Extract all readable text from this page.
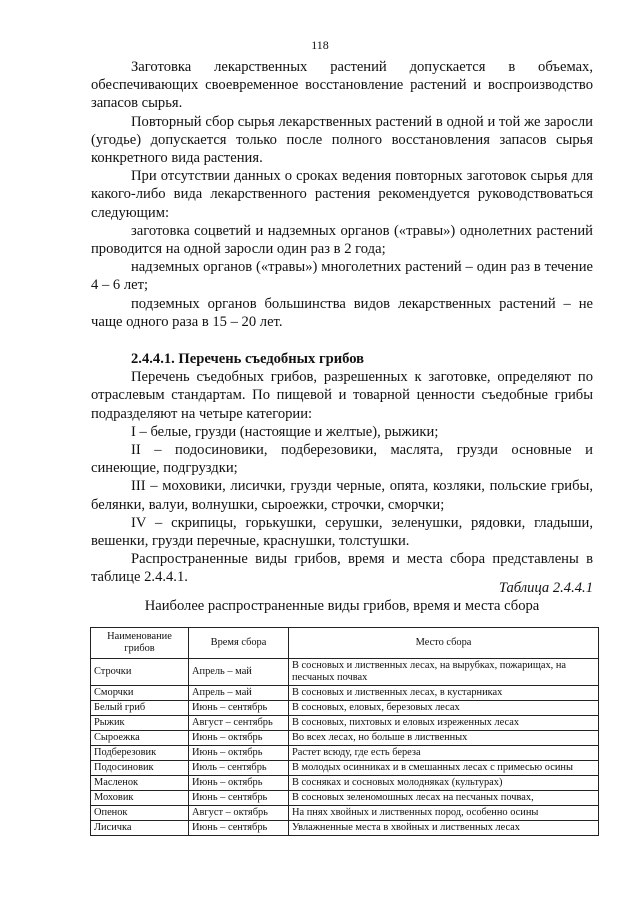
118

Заготовка лекарственных растений допускается в объемах, обеспечивающих своевременное восстановление растений и воспроизводство запасов сырья.

Повторный сбор сырья лекарственных растений в одной и той же заросли (угодье) допускается только после полного восстановления запасов сырья конкретного вида растения.

При отсутствии данных о сроках ведения повторных заготовок сырья для какого-либо вида лекарственного растения рекомендуется руководствоваться следующим:

заготовка соцветий и надземных органов («травы») однолетних растений проводится на одной заросли один раз в 2 года;

надземных органов («травы») многолетних растений – один раз в течение 4 – 6 лет;

подземных органов большинства видов лекарственных растений – не чаще одного раза в 15 – 20 лет.

2.4.4.1. Перечень съедобных грибов

Перечень съедобных грибов, разрешенных к заготовке, определяют по отраслевым стандартам. По пищевой и товарной ценности съедобные грибы подразделяют на четыре категории:

I – белые, грузди (настоящие и желтые), рыжики;

II – подосиновики, подберезовики, маслята, грузди основные и синеющие, подгруздки;

III – моховики, лисички, грузди черные, опята, козляки, польские грибы, белянки, валуи, волнушки, сыроежки, строчки, сморчки;

IV – скрипицы, горькушки, серушки, зеленушки, рядовки, гладыши, вешенки, грузди перечные, краснушки, толстушки.

Распространенные виды грибов, время и места сбора представлены в таблице 2.4.4.1.

Таблица 2.4.4.1
Наиболее распространенные виды грибов, время и места сбора
Наименование грибов	Время сбора	Место сбора
Строчки	Апрель – май	В сосновых и лиственных лесах, на вырубках, пожарищах, на песчаных почвах
Сморчки	Апрель – май	В сосновых и лиственных лесах, в кустарниках
Белый гриб	Июнь – сентябрь	В сосновых, еловых, березовых лесах
Рыжик	Август – сентябрь	В сосновых, пихтовых и еловых изреженных лесах
Сыроежка	Июнь – октябрь	Во всех лесах, но больше в лиственных
Подберезовик	Июнь – октябрь	Растет всюду, где есть береза
Подосиновик	Июль – сентябрь	В молодых осинниках и в смешанных лесах с примесью осины
Масленок	Июнь – октябрь	В сосняках и сосновых молодняках (культурах)
Моховик	Июнь – сентябрь	В сосновых зеленомошных лесах на песчаных почвах,
Опенок	Август – октябрь	На пнях хвойных и лиственных пород, особенно осины
Лисичка	Июнь – сентябрь	Увлажненные места в хвойных и лиственных лесах
